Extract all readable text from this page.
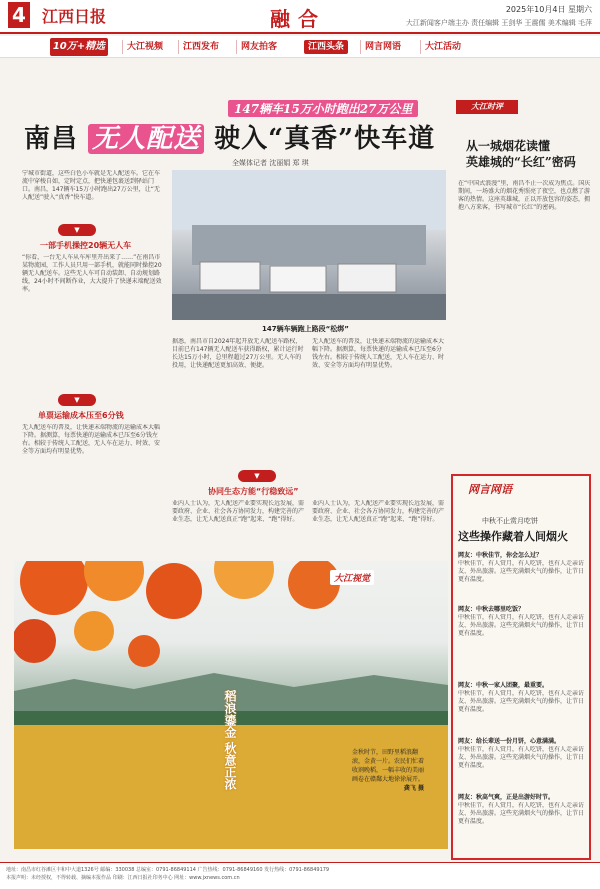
4 江西日报	融合	2025年10月4日 星期六
大江新闻客户端主办 责任编辑 王剑华 王震儒 美术编辑 毛萍
10万+精选	大江视频	江西发布	网友拍客	江西头条	网言网语	大江活动
147辆车15万小时跑出27万公里
南昌 无人配送 驶入“真香”快车道
全媒体记者 沈丽娟 郑 琪
宁城市街道，这些白色小车就是无人配送车。它在车流中穿梭自如，定时定点，把快递包裹送到驿站门口。南昌，147辆车15万小时跑出27万公里，让“无人配送”驶入“真香”快车道。
147辆车辆跑上路段“松绑”
▼
一部手机操控20辆无人车
“你看，一台无人车从车库里开出来了……”在南昌市某物流园，工作人员只用一部手机，就能同时操控20辆无人配送车。这些无人车可自动装卸、自动规划路线，24小时不间断作业，大大提升了快递末端配送效率。
▼
单票运输成本压至6分钱
无人配送车的普及，让快递末端物流的运输成本大幅下降。据测算，每票快递的运输成本已压至6分钱左右。相较于传统人工配送，无人车在运力、时效、安全等方面均有明显优势。
据悉，南昌市自2024年起开放无人配送车路权，目前已有147辆无人配送车获得路权，累计运行时长达15万小时，总里程超过27万公里。无人车的投用，让快递配送更加高效、便捷。
无人配送车的普及，让快递末端物流的运输成本大幅下降。据测算，每票快递的运输成本已压至6分钱左右。相较于传统人工配送，无人车在运力、时效、安全等方面均有明显优势。
▼
协同生态方能“行稳致远”
业内人士认为，无人配送产业要实现长远发展，需要政府、企业、社会各方协同发力，构建完善的产业生态，让无人配送真正“跑”起来、“跑”得好。
业内人士认为，无人配送产业要实现长远发展，需要政府、企业、社会各方协同发力，构建完善的产业生态，让无人配送真正“跑”起来、“跑”得好。
大江时评
从一城烟花读懂
英雄城的“长红”密码
在“中国式浪漫”里，南昌不止一次成为焦点。国庆期间，一场盛大的烟花秀照亮了夜空，也点燃了游客的热情。这座英雄城，正以开放包容的姿态，拥抱八方来客，书写城市“长红”的密码。
网言网语
中秋不止赏月吃饼
这些操作藏着人间烟火
网友：中秋佳节，你会怎么过？
中秋佳节，有人赏月，有人吃饼，也有人走亲访友、外出旅游。这些充满烟火气的操作，让节日更有温度。
网友：中秋去哪里吃饭？
中秋佳节，有人赏月，有人吃饼，也有人走亲访友、外出旅游。这些充满烟火气的操作，让节日更有温度。
网友：中秋一家人团聚，最重要。
中秋佳节，有人赏月，有人吃饼，也有人走亲访友、外出旅游。这些充满烟火气的操作，让节日更有温度。
网友：给长辈送一份月饼，心意满满。
中秋佳节，有人赏月，有人吃饼，也有人走亲访友、外出旅游。这些充满烟火气的操作，让节日更有温度。
网友：秋高气爽，正是出游好时节。
中秋佳节，有人赏月，有人吃饼，也有人走亲访友、外出旅游。这些充满烟火气的操作，让节日更有温度。
大江视觉
稻浪鎏金 秋意正浓	金秋时节，田野里稻浪翻滚，金黄一片。农民们忙着收割晚稻，一幅丰收的美丽画卷在赣鄱大地徐徐展开。
龚飞 摄
地址：南昌市红谷滩区丰和中大道1326号 邮编：330038 总编室：0791-86849114 广告热线：0791-86849160 发行热线：0791-86849179
本报声明：未经授权，不得转载、摘编本报作品 印刷：江西日报社印务中心 网址：www.jxnews.com.cn
